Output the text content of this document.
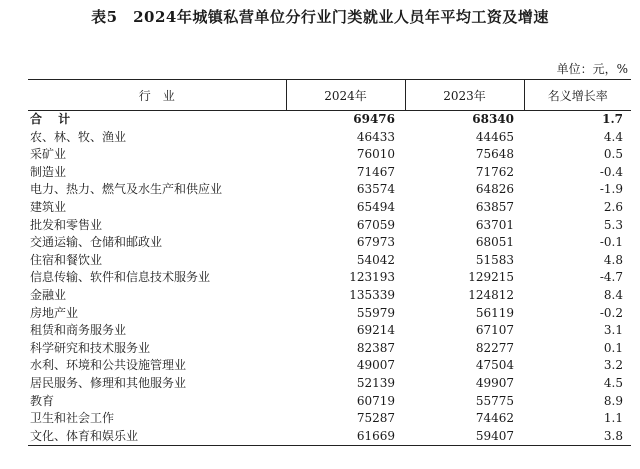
表5　2024年城镇私营单位分行业门类就业人员年平均工资及增速
单位：元，%
行　业	2024年	2023年	名义增长率
合 计	69476	68340	1.7
农、林、牧、渔业	46433	44465	4.4
采矿业	76010	75648	0.5
制造业	71467	71762	-0.4
电力、热力、燃气及水生产和供应业	63574	64826	-1.9
建筑业	65494	63857	2.6
批发和零售业	67059	63701	5.3
交通运输、仓储和邮政业	67973	68051	-0.1
住宿和餐饮业	54042	51583	4.8
信息传输、软件和信息技术服务业	123193	129215	-4.7
金融业	135339	124812	8.4
房地产业	55979	56119	-0.2
租赁和商务服务业	69214	67107	3.1
科学研究和技术服务业	82387	82277	0.1
水利、环境和公共设施管理业	49007	47504	3.2
居民服务、修理和其他服务业	52139	49907	4.5
教育	60719	55775	8.9
卫生和社会工作	75287	74462	1.1
文化、体育和娱乐业	61669	59407	3.8
